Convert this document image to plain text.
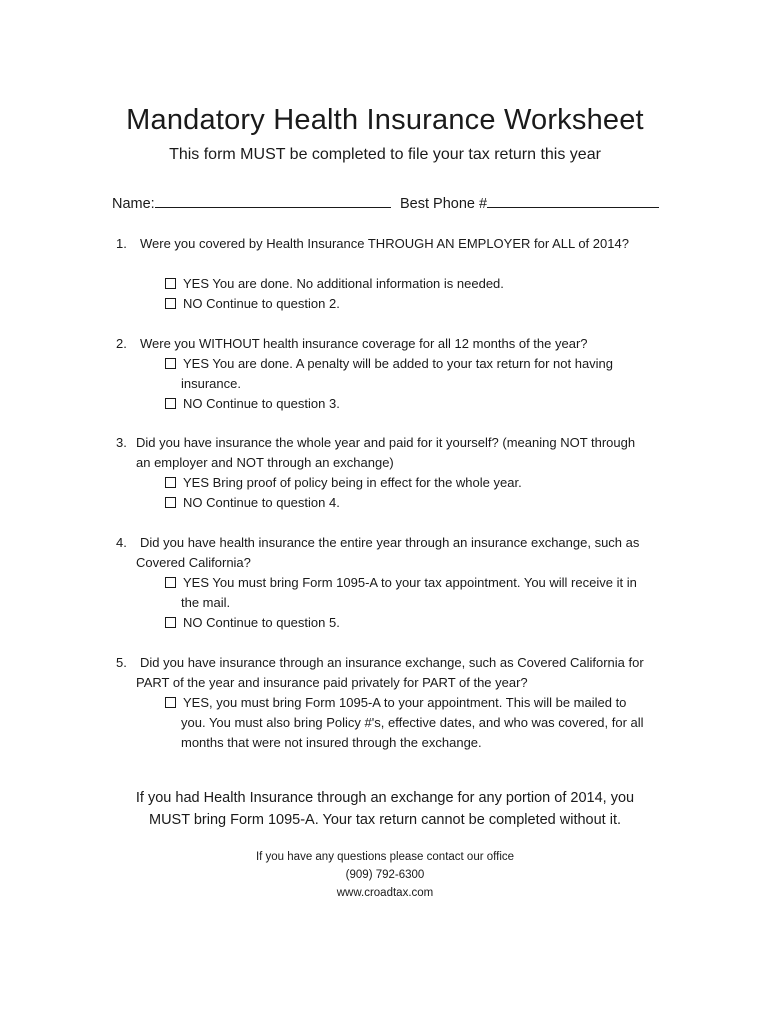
Mandatory Health Insurance Worksheet
This form MUST be completed to file your tax return this year
Name:	Best Phone #
1. Were you covered by Health Insurance THROUGH AN EMPLOYER for ALL of 2014?
YES You are done. No additional information is needed.
NO Continue to question 2.
2. Were you WITHOUT health insurance coverage for all 12 months of the year?
YES You are done. A penalty will be added to your tax return for not having
insurance.
NO Continue to question 3.
3. Did you have insurance the whole year and paid for it yourself? (meaning NOT through
an employer and NOT through an exchange)
YES Bring proof of policy being in effect for the whole year.
NO Continue to question 4.
4. Did you have health insurance the entire year through an insurance exchange, such as
Covered California?
YES You must bring Form 1095-A to your tax appointment. You will receive it in
the mail.
NO Continue to question 5.
5. Did you have insurance through an insurance exchange, such as Covered California for
PART of the year and insurance paid privately for PART of the year?
YES, you must bring Form 1095-A to your appointment. This will be mailed to
you. You must also bring Policy #'s, effective dates, and who was covered, for all
months that were not insured through the exchange.
If you had Health Insurance through an exchange for any portion of 2014, you
MUST bring Form 1095-A. Your tax return cannot be completed without it.
If you have any questions please contact our office
(909) 792-6300
www.croadtax.com
